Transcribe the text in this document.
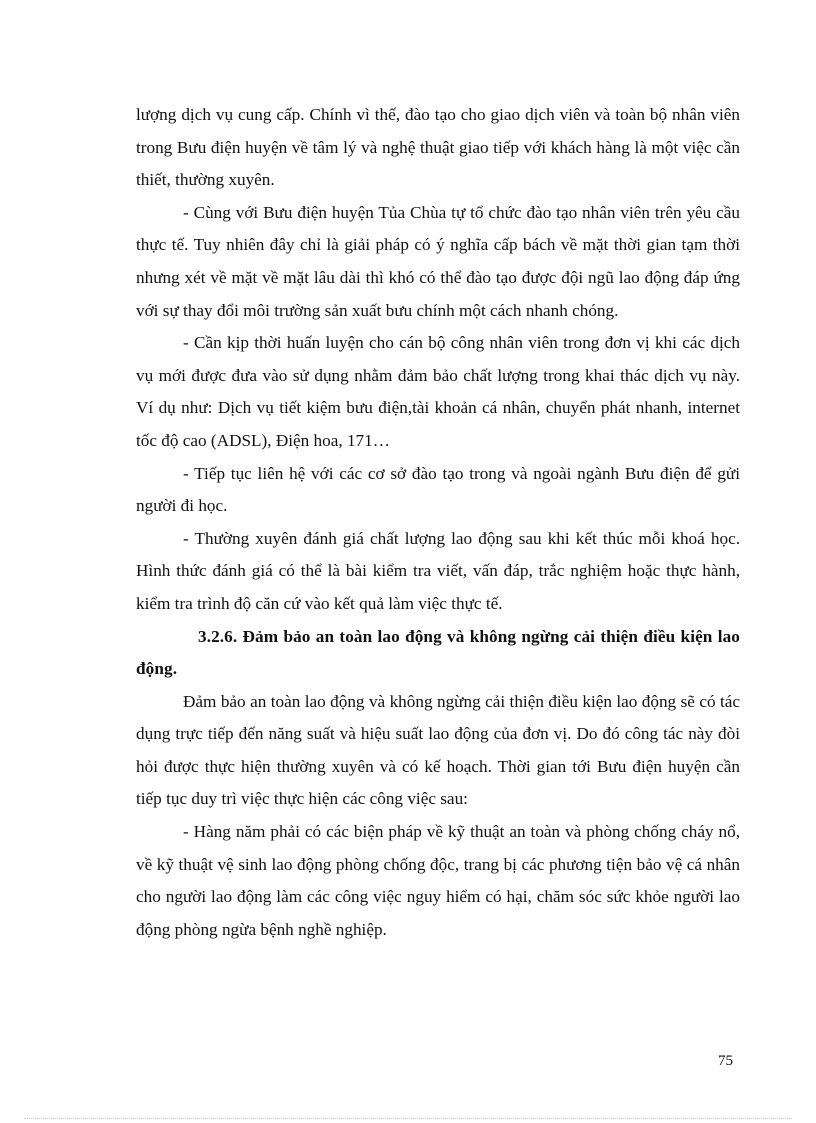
lượng dịch vụ cung cấp. Chính vì thế, đào tạo cho giao dịch viên và toàn bộ nhân viên trong Bưu điện huyện về tâm lý và nghệ thuật giao tiếp với khách hàng là một việc cần thiết, thường xuyên.

- Cùng với Bưu điện huyện Tủa Chùa tự tổ chức đào tạo nhân viên trên yêu cầu thực tế. Tuy nhiên đây chỉ là giải pháp có ý nghĩa cấp bách về mặt thời gian tạm thời nhưng xét về mặt về mặt lâu dài thì khó có thể đào tạo được đội ngũ lao động đáp ứng với sự thay đổi môi trường sản xuất bưu chính một cách nhanh chóng.

- Cần kịp thời huấn luyện cho cán bộ công nhân viên trong đơn vị khi các dịch vụ mới được đưa vào sử dụng nhằm đảm bảo chất lượng trong khai thác dịch vụ này. Ví dụ như: Dịch vụ tiết kiệm bưu điện,tài khoản cá nhân, chuyển phát nhanh, internet tốc độ cao (ADSL), Điện hoa, 171…

- Tiếp tục liên hệ với các cơ sở đào tạo trong và ngoài ngành Bưu điện để gửi người đi học.

- Thường xuyên đánh giá chất lượng lao động sau khi kết thúc mỗi khoá học. Hình thức đánh giá có thể là bài kiểm tra viết, vấn đáp, trắc nghiệm hoặc thực hành, kiểm tra trình độ căn cứ vào kết quả làm việc thực tế.

3.2.6. Đảm bảo an toàn lao động và không ngừng cải thiện điều kiện lao động.

Đảm bảo an toàn lao động và không ngừng cải thiện điều kiện lao động sẽ có tác dụng trực tiếp đến năng suất và hiệu suất lao động của đơn vị. Do đó công tác này đòi hỏi được thực hiện thường xuyên và có kế hoạch. Thời gian tới Bưu điện huyện cần tiếp tục duy trì việc thực hiện các công việc sau:

- Hàng năm phải có các biện pháp về kỹ thuật an toàn và phòng chống cháy nổ, về kỹ thuật vệ sinh lao động phòng chống độc, trang bị các phương tiện bảo vệ cá nhân cho người lao động làm các công việc nguy hiểm có hại, chăm sóc sức khỏe người lao động phòng ngừa bệnh nghề nghiệp.

75
